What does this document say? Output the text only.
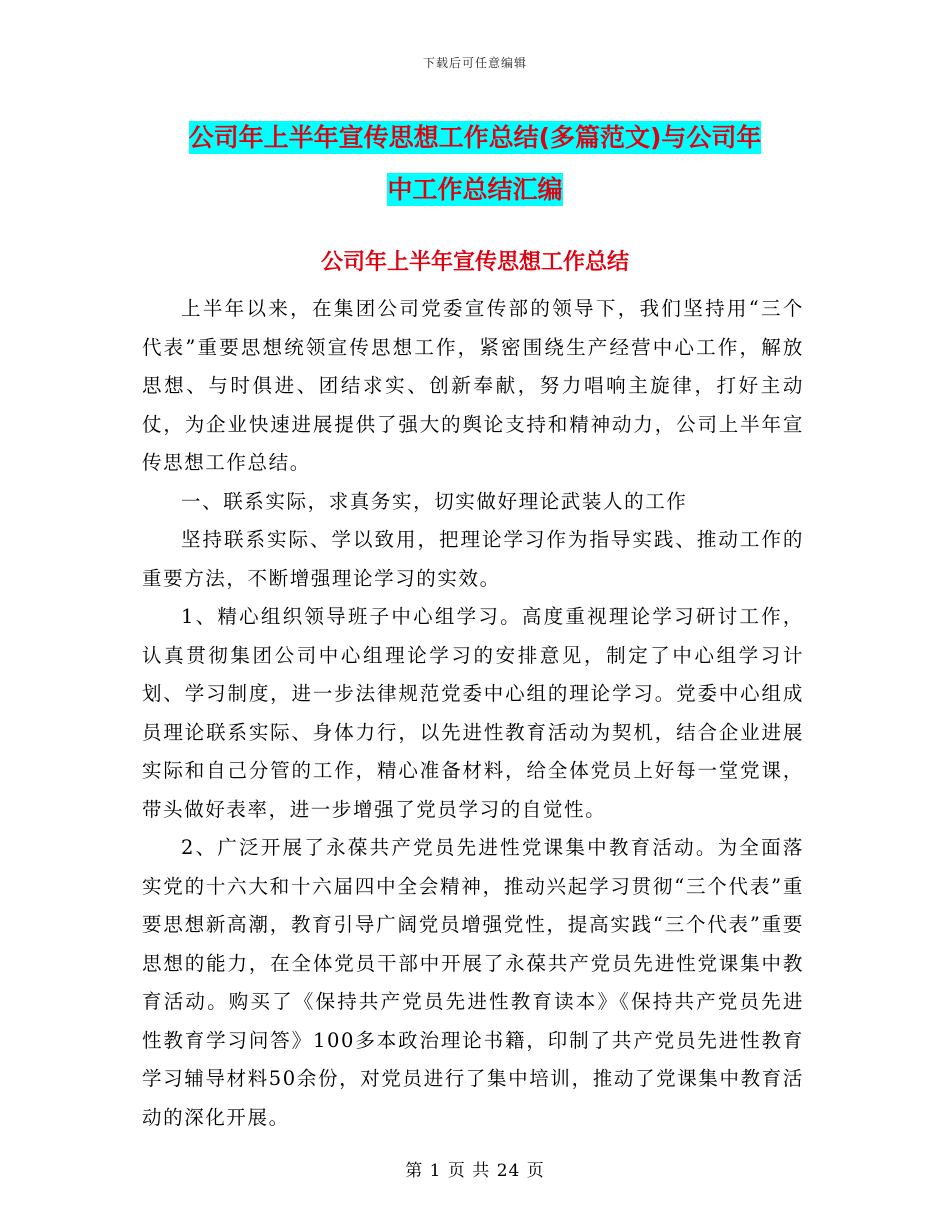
下载后可任意编辑
公司年上半年宣传思想工作总结(多篇范文)与公司年
中工作总结汇编
公司年上半年宣传思想工作总结

上半年以来，在集团公司党委宣传部的领导下，我们坚持用“三个代表”重要思想统领宣传思想工作，紧密围绕生产经营中心工作，解放思想、与时俱进、团结求实、创新奉献，努力唱响主旋律，打好主动仗，为企业快速进展提供了强大的舆论支持和精神动力，公司上半年宣传思想工作总结。

一、联系实际，求真务实，切实做好理论武装人的工作

坚持联系实际、学以致用，把理论学习作为指导实践、推动工作的重要方法，不断增强理论学习的实效。

1、精心组织领导班子中心组学习。高度重视理论学习研讨工作，认真贯彻集团公司中心组理论学习的安排意见，制定了中心组学习计划、学习制度，进一步法律规范党委中心组的理论学习。党委中心组成员理论联系实际、身体力行，以先进性教育活动为契机，结合企业进展实际和自己分管的工作，精心准备材料，给全体党员上好每一堂党课，带头做好表率，进一步增强了党员学习的自觉性。

2、广泛开展了永葆共产党员先进性党课集中教育活动。为全面落实党的十六大和十六届四中全会精神，推动兴起学习贯彻“三个代表”重要思想新高潮，教育引导广阔党员增强党性，提高实践“三个代表”重要思想的能力，在全体党员干部中开展了永葆共产党员先进性党课集中教育活动。购买了《保持共产党员先进性教育读本》《保持共产党员先进性教育学习问答》100多本政治理论书籍，印制了共产党员先进性教育学习辅导材料50余份，对党员进行了集中培训，推动了党课集中教育活动的深化开展。

第 1 页 共 24 页
